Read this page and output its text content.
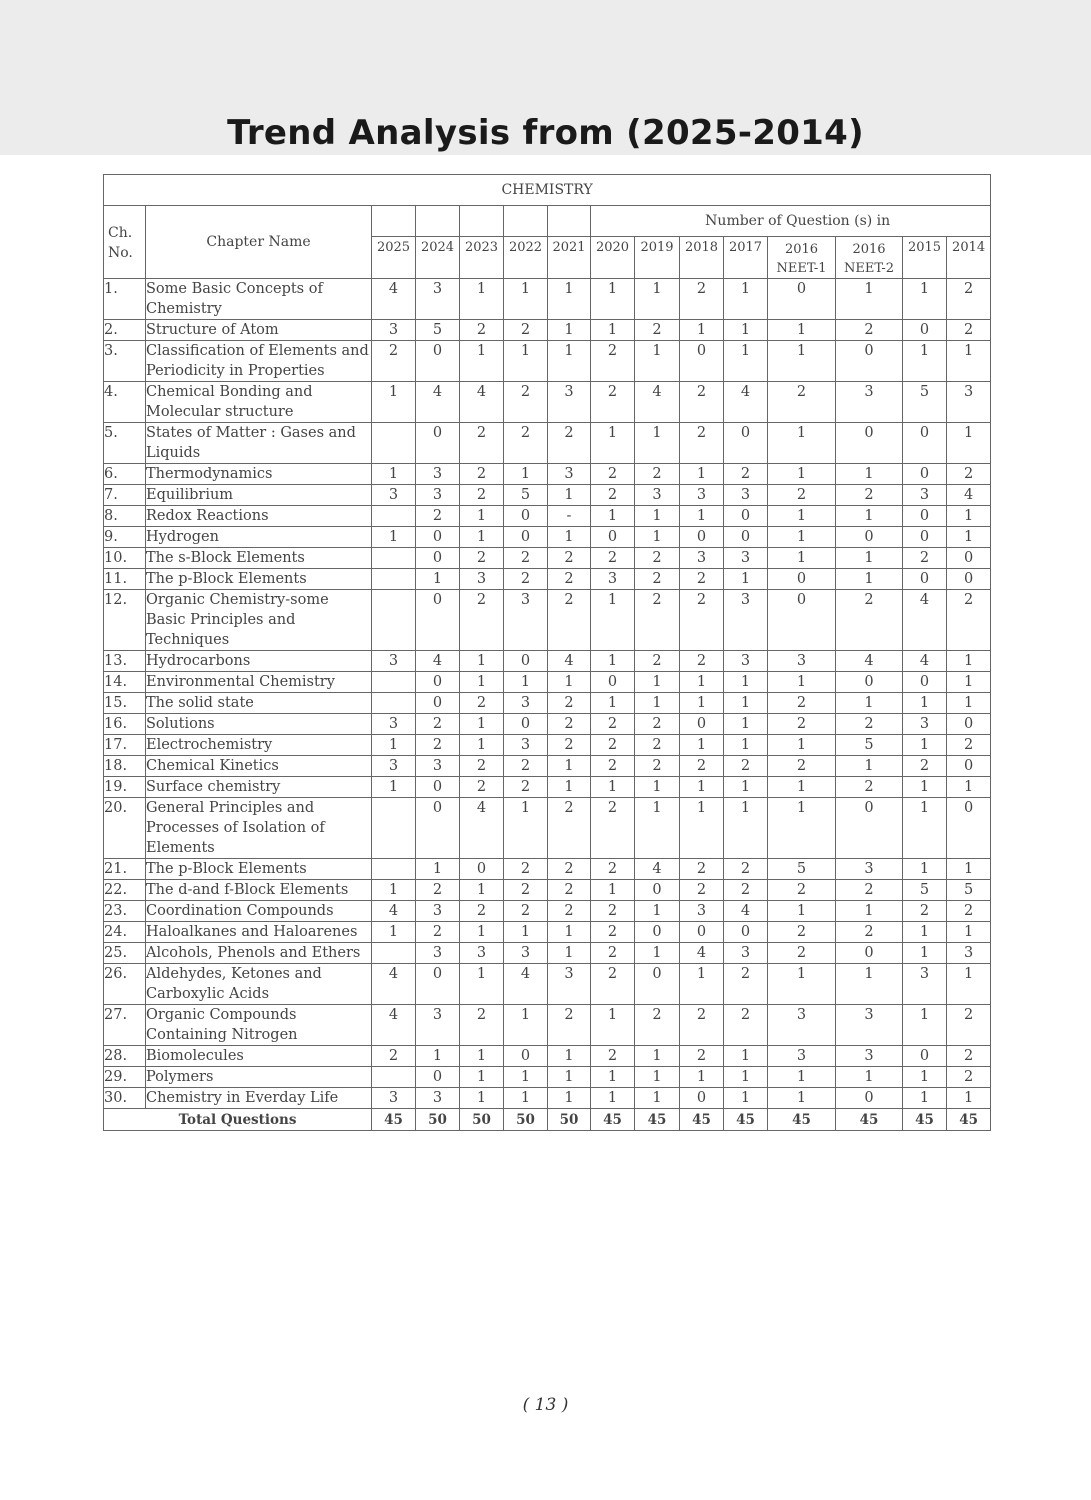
Trend Analysis from (2025-2014)
CHEMISTRY														
Ch. No.	Chapter Name						Number of Question (s) in							
		2025	2024	2023	2022	2021	2020	2019	2018	2017	2016 NEET-1	2016 NEET-2	2015	2014
1.	Some Basic Concepts of Chemistry	4	3	1	1	1	1	1	2	1	0	1	1	2
2.	Structure of Atom	3	5	2	2	1	1	2	1	1	1	2	0	2
3.	Classification of Elements and Periodicity in Properties	2	0	1	1	1	2	1	0	1	1	0	1	1
4.	Chemical Bonding and Molecular structure	1	4	4	2	3	2	4	2	4	2	3	5	3
5.	States of Matter : Gases and Liquids		0	2	2	2	1	1	2	0	1	0	0	1
6.	Thermodynamics	1	3	2	1	3	2	2	1	2	1	1	0	2
7.	Equilibrium	3	3	2	5	1	2	3	3	3	2	2	3	4
8.	Redox Reactions		2	1	0	-	1	1	1	0	1	1	0	1
9.	Hydrogen	1	0	1	0	1	0	1	0	0	1	0	0	1
10.	The s-Block Elements		0	2	2	2	2	2	3	3	1	1	2	0
11.	The p-Block Elements		1	3	2	2	3	2	2	1	0	1	0	0
12.	Organic Chemistry-some Basic Principles and Techniques		0	2	3	2	1	2	2	3	0	2	4	2
13.	Hydrocarbons	3	4	1	0	4	1	2	2	3	3	4	4	1
14.	Environmental Chemistry		0	1	1	1	0	1	1	1	1	0	0	1
15.	The solid state		0	2	3	2	1	1	1	1	2	1	1	1
16.	Solutions	3	2	1	0	2	2	2	0	1	2	2	3	0
17.	Electrochemistry	1	2	1	3	2	2	2	1	1	1	5	1	2
18.	Chemical Kinetics	3	3	2	2	1	2	2	2	2	2	1	2	0
19.	Surface chemistry	1	0	2	2	1	1	1	1	1	1	2	1	1
20.	General Principles and Processes of Isolation of Elements		0	4	1	2	2	1	1	1	1	0	1	0
21.	The p-Block Elements		1	0	2	2	2	4	2	2	5	3	1	1
22.	The d-and f-Block Elements	1	2	1	2	2	1	0	2	2	2	2	5	5
23.	Coordination Compounds	4	3	2	2	2	2	1	3	4	1	1	2	2
24.	Haloalkanes and Haloarenes	1	2	1	1	1	2	0	0	0	2	2	1	1
25.	Alcohols, Phenols and Ethers		3	3	3	1	2	1	4	3	2	0	1	3
26.	Aldehydes, Ketones and Carboxylic Acids	4	0	1	4	3	2	0	1	2	1	1	3	1
27.	Organic Compounds Containing Nitrogen	4	3	2	1	2	1	2	2	2	3	3	1	2
28.	Biomolecules	2	1	1	0	1	2	1	2	1	3	3	0	2
29.	Polymers		0	1	1	1	1	1	1	1	1	1	1	2
30.	Chemistry in Everday Life	3	3	1	1	1	1	1	0	1	1	0	1	1
Total Questions		45	50	50	50	50	45	45	45	45	45	45	45	45
( 13 )
